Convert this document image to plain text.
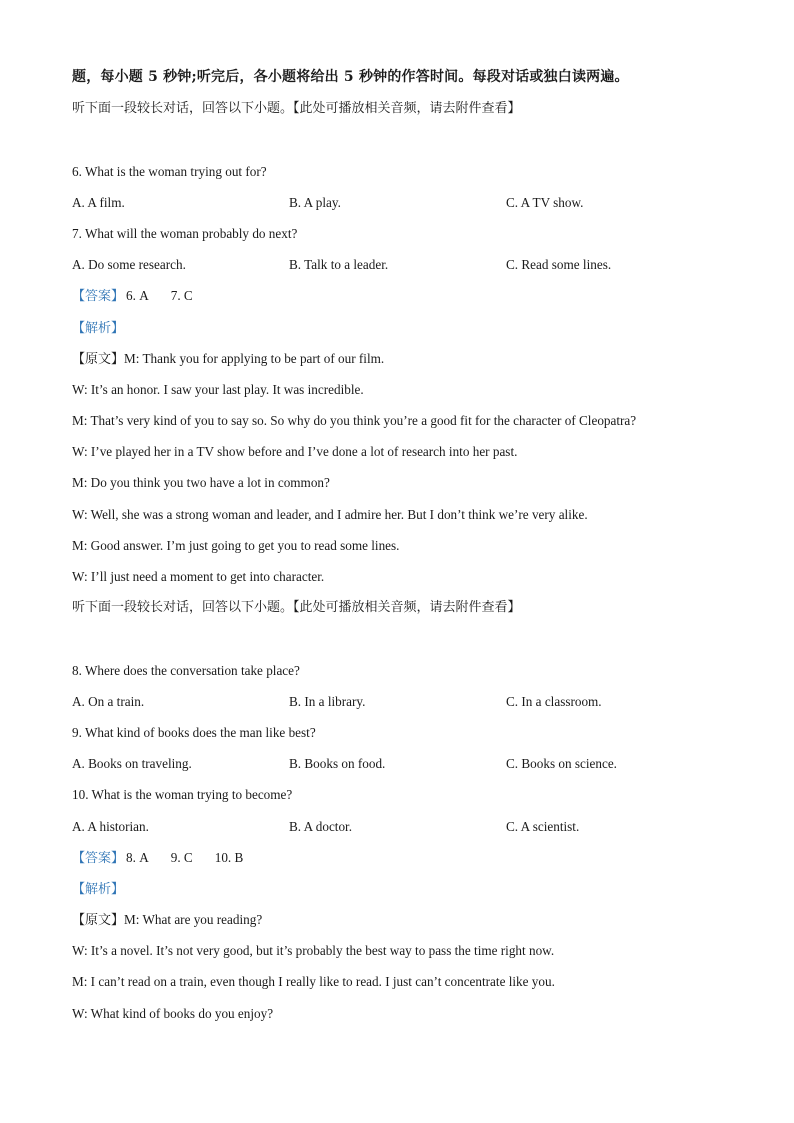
题，每小题 5 秒钟;听完后，各小题将给出 5 秒钟的作答时间。每段对话或独白读两遍。
听下面一段较长对话，回答以下小题。【此处可播放相关音频，请去附件查看】
6. What is the woman trying out for?
A. A film.	B. A play.	C. A TV show.
7. What will the woman probably do next?
A. Do some research.	B. Talk to a leader.	C. Read some lines.
【答案】 6. A 7. C
【解析】
【原文】M: Thank you for applying to be part of our film.
W: It’s an honor. I saw your last play. It was incredible.
M: That’s very kind of you to say so. So why do you think you’re a good fit for the character of Cleopatra?
W: I’ve played her in a TV show before and I’ve done a lot of research into her past.
M: Do you think you two have a lot in common?
W: Well, she was a strong woman and leader, and I admire her. But I don’t think we’re very alike.
M: Good answer. I’m just going to get you to read some lines.
W: I’ll just need a moment to get into character.
听下面一段较长对话，回答以下小题。【此处可播放相关音频，请去附件查看】
8. Where does the conversation take place?
A. On a train.	B. In a library.	C. In a classroom.
9. What kind of books does the man like best?
A. Books on traveling.	B. Books on food.	C. Books on science.
10. What is the woman trying to become?
A. A historian.	B. A doctor.	C. A scientist.
【答案】 8. A 9. C 10. B
【解析】
【原文】M: What are you reading?
W: It’s a novel. It’s not very good, but it’s probably the best way to pass the time right now.
M: I can’t read on a train, even though I really like to read. I just can’t concentrate like you.
W: What kind of books do you enjoy?
